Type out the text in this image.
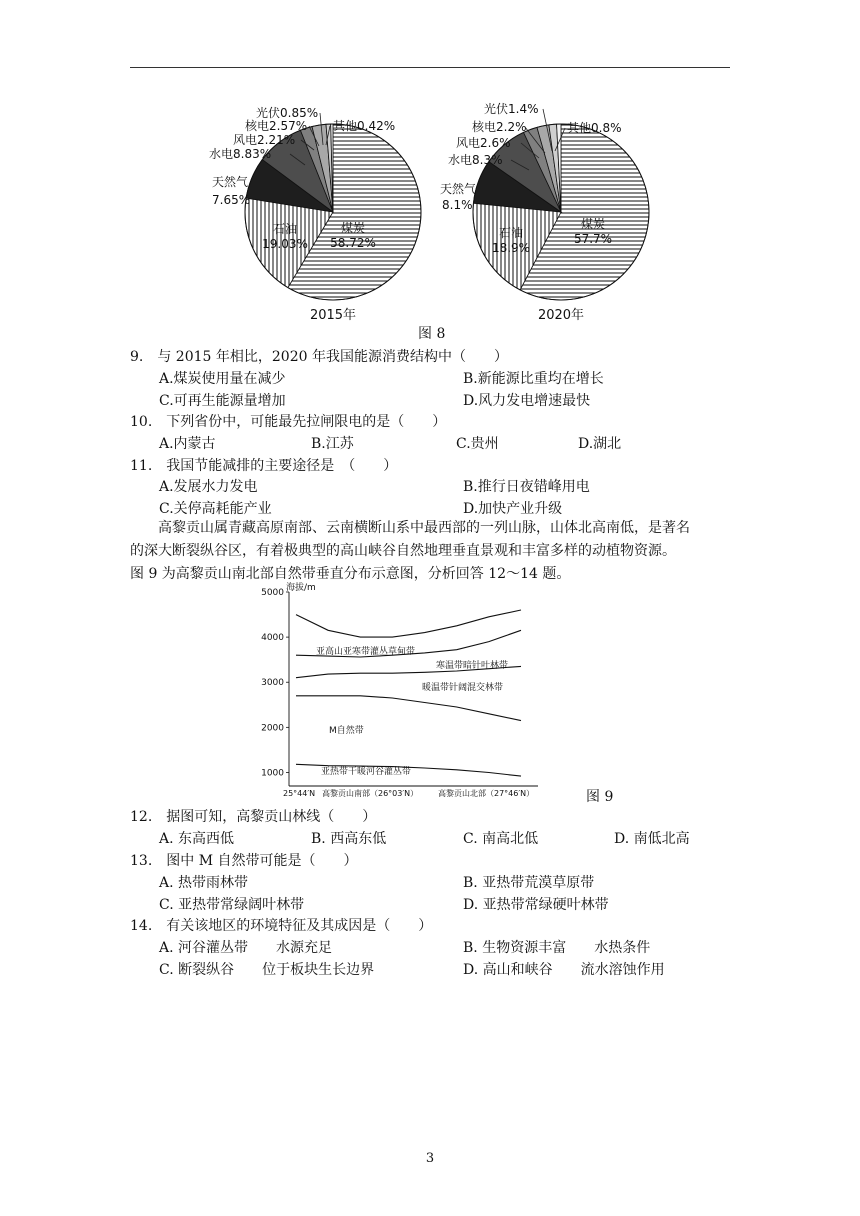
煤炭
58.72%
石油
19.03%
天然气
7.65%
水电8.83%
风电2.21%
核电2.57%
光伏0.85%
其他0.42%
2015年
煤炭
57.7%
石油
18.9%
天然气
8.1%
水电8.3%
风电2.6%
核电2.2%
光伏1.4%
其他0.8%
2020年
图 8
9.　与 2015 年相比，2020 年我国能源消费结构中（　　）
A.煤炭使用量在减少	B.新能源比重均在增长
C.可再生能源量增加	D.风力发电增速最快
10.　下列省份中，可能最先拉闸限电的是（　　）
A.内蒙古	B.江苏	C.贵州	D.湖北
11.　我国节能减排的主要途径是　（　　）
A.发展水力发电	B.推行日夜错峰用电
C.关停高耗能产业	D.加快产业升级
　　高黎贡山属青藏高原南部、云南横断山系中最西部的一列山脉，山体北高南低，是著名
的深大断裂纵谷区，有着极典型的高山峡谷自然地理垂直景观和丰富多样的动植物资源。
图 9 为高黎贡山南北部自然带垂直分布示意图，分析回答 12～14 题。
海拔/m
1000
2000
3000
4000
5000
亚高山亚寒带灌丛草甸带
寒温带暗针叶林带
暖温带针阔混交林带
M自然带
亚热带干暖河谷灌丛带
25°44′N 高黎贡山南部（26°03′N） 高黎贡山北部（27°46′N）	图 9
12.　据图可知，高黎贡山林线（　　）
A. 东高西低	B. 西高东低	C. 南高北低	D. 南低北高
13.　图中 M 自然带可能是（　　）
A. 热带雨林带	B. 亚热带荒漠草原带
C. 亚热带常绿阔叶林带	D. 亚热带常绿硬叶林带
14.　有关该地区的环境特征及其成因是（　　）
A. 河谷灌丛带　　水源充足	B. 生物资源丰富　　水热条件
C. 断裂纵谷　　位于板块生长边界	D. 高山和峡谷　　流水溶蚀作用
3
